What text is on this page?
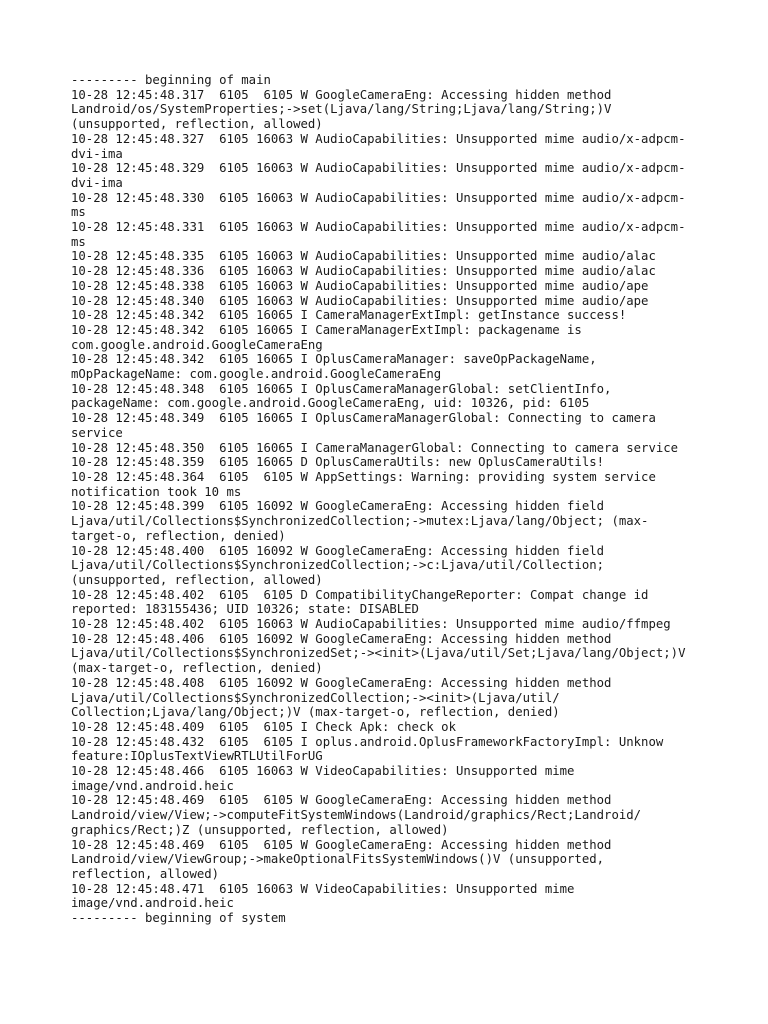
--------- beginning of main
10-28 12:45:48.317  6105  6105 W GoogleCameraEng: Accessing hidden method
Landroid/os/SystemProperties;->set(Ljava/lang/String;Ljava/lang/String;)V
(unsupported, reflection, allowed)
10-28 12:45:48.327  6105 16063 W AudioCapabilities: Unsupported mime audio/x-adpcm-
dvi-ima
10-28 12:45:48.329  6105 16063 W AudioCapabilities: Unsupported mime audio/x-adpcm-
dvi-ima
10-28 12:45:48.330  6105 16063 W AudioCapabilities: Unsupported mime audio/x-adpcm-
ms
10-28 12:45:48.331  6105 16063 W AudioCapabilities: Unsupported mime audio/x-adpcm-
ms
10-28 12:45:48.335  6105 16063 W AudioCapabilities: Unsupported mime audio/alac
10-28 12:45:48.336  6105 16063 W AudioCapabilities: Unsupported mime audio/alac
10-28 12:45:48.338  6105 16063 W AudioCapabilities: Unsupported mime audio/ape
10-28 12:45:48.340  6105 16063 W AudioCapabilities: Unsupported mime audio/ape
10-28 12:45:48.342  6105 16065 I CameraManagerExtImpl: getInstance success!
10-28 12:45:48.342  6105 16065 I CameraManagerExtImpl: packagename is
com.google.android.GoogleCameraEng
10-28 12:45:48.342  6105 16065 I OplusCameraManager: saveOpPackageName,
mOpPackageName: com.google.android.GoogleCameraEng
10-28 12:45:48.348  6105 16065 I OplusCameraManagerGlobal: setClientInfo,
packageName: com.google.android.GoogleCameraEng, uid: 10326, pid: 6105
10-28 12:45:48.349  6105 16065 I OplusCameraManagerGlobal: Connecting to camera
service
10-28 12:45:48.350  6105 16065 I CameraManagerGlobal: Connecting to camera service
10-28 12:45:48.359  6105 16065 D OplusCameraUtils: new OplusCameraUtils!
10-28 12:45:48.364  6105  6105 W AppSettings: Warning: providing system service
notification took 10 ms
10-28 12:45:48.399  6105 16092 W GoogleCameraEng: Accessing hidden field
Ljava/util/Collections$SynchronizedCollection;->mutex:Ljava/lang/Object; (max-
target-o, reflection, denied)
10-28 12:45:48.400  6105 16092 W GoogleCameraEng: Accessing hidden field
Ljava/util/Collections$SynchronizedCollection;->c:Ljava/util/Collection;
(unsupported, reflection, allowed)
10-28 12:45:48.402  6105  6105 D CompatibilityChangeReporter: Compat change id
reported: 183155436; UID 10326; state: DISABLED
10-28 12:45:48.402  6105 16063 W AudioCapabilities: Unsupported mime audio/ffmpeg
10-28 12:45:48.406  6105 16092 W GoogleCameraEng: Accessing hidden method
Ljava/util/Collections$SynchronizedSet;-><init>(Ljava/util/Set;Ljava/lang/Object;)V
(max-target-o, reflection, denied)
10-28 12:45:48.408  6105 16092 W GoogleCameraEng: Accessing hidden method
Ljava/util/Collections$SynchronizedCollection;-><init>(Ljava/util/
Collection;Ljava/lang/Object;)V (max-target-o, reflection, denied)
10-28 12:45:48.409  6105  6105 I Check Apk: check ok
10-28 12:45:48.432  6105  6105 I oplus.android.OplusFrameworkFactoryImpl: Unknow
feature:IOplusTextViewRTLUtilForUG
10-28 12:45:48.466  6105 16063 W VideoCapabilities: Unsupported mime
image/vnd.android.heic
10-28 12:45:48.469  6105  6105 W GoogleCameraEng: Accessing hidden method
Landroid/view/View;->computeFitSystemWindows(Landroid/graphics/Rect;Landroid/
graphics/Rect;)Z (unsupported, reflection, allowed)
10-28 12:45:48.469  6105  6105 W GoogleCameraEng: Accessing hidden method
Landroid/view/ViewGroup;->makeOptionalFitsSystemWindows()V (unsupported,
reflection, allowed)
10-28 12:45:48.471  6105 16063 W VideoCapabilities: Unsupported mime
image/vnd.android.heic
--------- beginning of system
